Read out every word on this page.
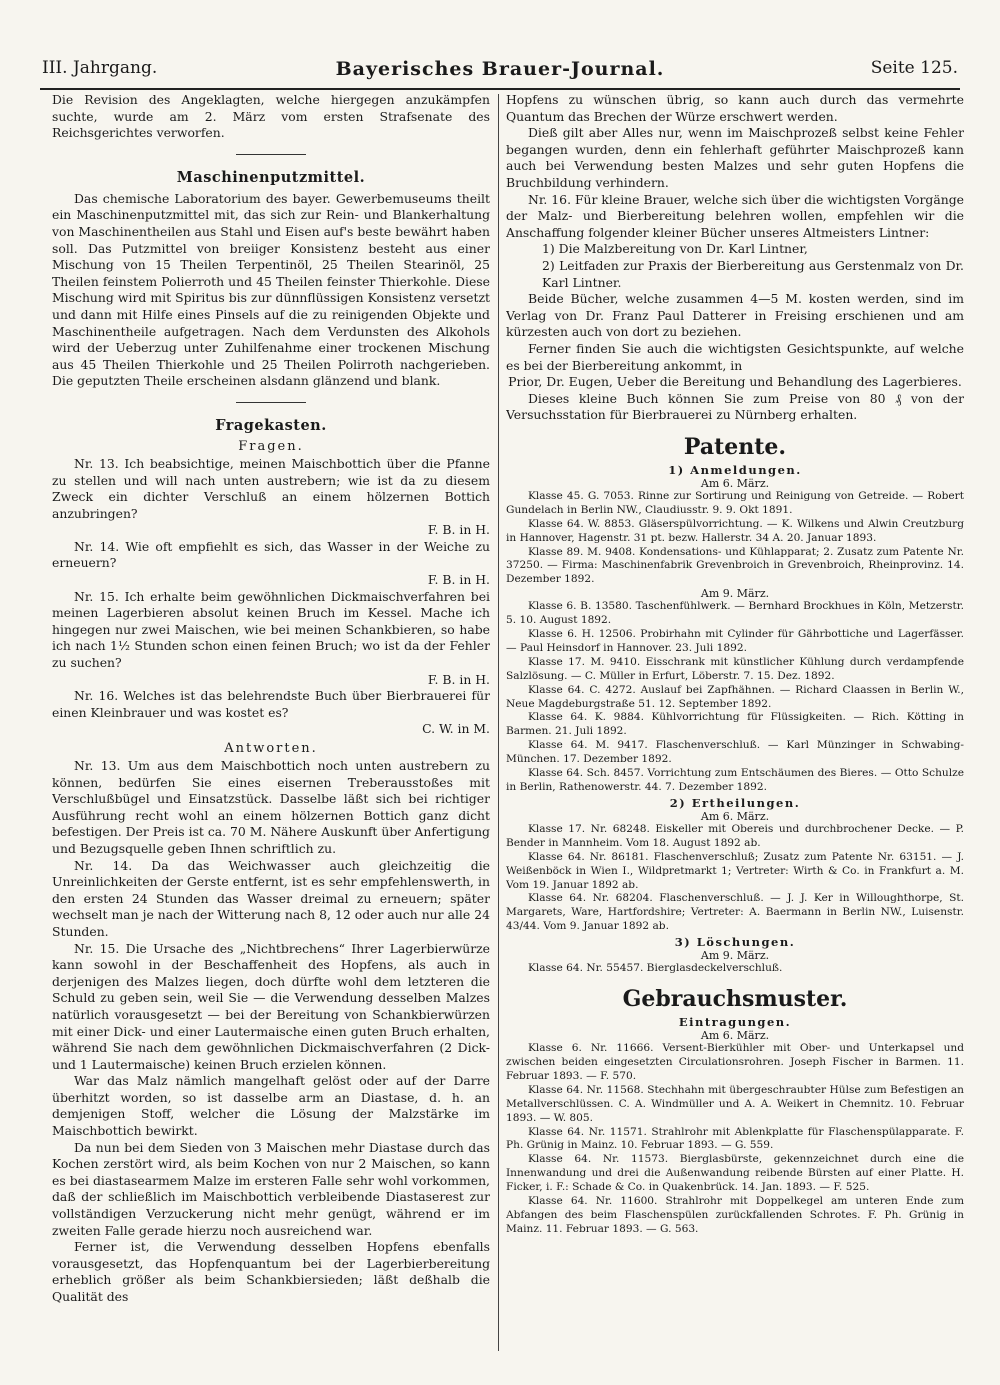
III. Jahrgang.	Bayerisches Brauer-Journal.	Seite 125.

Die Revision des Angeklagten, welche hiergegen anzukämpfen suchte, wurde am 2. März vom ersten Strafsenate des Reichsgerichtes verworfen.

Maschinenputzmittel.

Das chemische Laboratorium des bayer. Gewerbemuseums theilt ein Maschinenputzmittel mit, das sich zur Rein- und Blankerhaltung von Maschinentheilen aus Stahl und Eisen auf's beste bewährt haben soll. Das Putzmittel von breiiger Konsistenz besteht aus einer Mischung von 15 Theilen Terpentinöl, 25 Theilen Stearinöl, 25 Theilen feinstem Polierroth und 45 Theilen feinster Thierkohle. Diese Mischung wird mit Spiritus bis zur dünnflüssigen Konsistenz versetzt und dann mit Hilfe eines Pinsels auf die zu reinigenden Objekte und Maschinentheile aufgetragen. Nach dem Verdunsten des Alkohols wird der Ueberzug unter Zuhilfenahme einer trockenen Mischung aus 45 Theilen Thierkohle und 25 Theilen Polirroth nachgerieben. Die geputzten Theile erscheinen alsdann glänzend und blank.

Fragekasten.
Fragen.

Nr. 13. Ich beabsichtige, meinen Maischbottich über die Pfanne zu stellen und will nach unten austrebern; wie ist da zu diesem Zweck ein dichter Verschluß an einem hölzernen Bottich anzubringen?

F. B. in H.

Nr. 14. Wie oft empfiehlt es sich, das Wasser in der Weiche zu erneuern?

F. B. in H.

Nr. 15. Ich erhalte beim gewöhnlichen Dickmaischverfahren bei meinen Lagerbieren absolut keinen Bruch im Kessel. Mache ich hingegen nur zwei Maischen, wie bei meinen Schankbieren, so habe ich nach 1½ Stunden schon einen feinen Bruch; wo ist da der Fehler zu suchen?

F. B. in H.

Nr. 16. Welches ist das belehrendste Buch über Bierbrauerei für einen Kleinbrauer und was kostet es?

C. W. in M.

Antworten.

Nr. 13. Um aus dem Maischbottich noch unten austrebern zu können, bedürfen Sie eines eisernen Treberausstoßes mit Verschlußbügel und Einsatzstück. Dasselbe läßt sich bei richtiger Ausführung recht wohl an einem hölzernen Bottich ganz dicht befestigen. Der Preis ist ca. 70 M. Nähere Auskunft über Anfertigung und Bezugsquelle geben Ihnen schriftlich zu.

Nr. 14. Da das Weichwasser auch gleichzeitig die Unreinlichkeiten der Gerste entfernt, ist es sehr empfehlenswerth, in den ersten 24 Stunden das Wasser dreimal zu erneuern; später wechselt man je nach der Witterung nach 8, 12 oder auch nur alle 24 Stunden.

Nr. 15. Die Ursache des „Nichtbrechens“ Ihrer Lagerbierwürze kann sowohl in der Beschaffenheit des Hopfens, als auch in derjenigen des Malzes liegen, doch dürfte wohl dem letzteren die Schuld zu geben sein, weil Sie — die Verwendung desselben Malzes natürlich vorausgesetzt — bei der Bereitung von Schankbierwürzen mit einer Dick- und einer Lautermaische einen guten Bruch erhalten, während Sie nach dem gewöhnlichen Dickmaischverfahren (2 Dick- und 1 Lautermaische) keinen Bruch erzielen können.

War das Malz nämlich mangelhaft gelöst oder auf der Darre überhitzt worden, so ist dasselbe arm an Diastase, d. h. an demjenigen Stoff, welcher die Lösung der Malzstärke im Maischbottich bewirkt.

Da nun bei dem Sieden von 3 Maischen mehr Diastase durch das Kochen zerstört wird, als beim Kochen von nur 2 Maischen, so kann es bei diastasearmem Malze im ersteren Falle sehr wohl vorkommen, daß der schließlich im Maischbottich verbleibende Diastaserest zur vollständigen Verzuckerung nicht mehr genügt, während er im zweiten Falle gerade hierzu noch ausreichend war.

Ferner ist, die Verwendung desselben Hopfens ebenfalls vorausgesetzt, das Hopfenquantum bei der Lagerbierbereitung erheblich größer als beim Schankbiersieden; läßt deßhalb die Qualität des

Hopfens zu wünschen übrig, so kann auch durch das vermehrte Quantum das Brechen der Würze erschwert werden.

Dieß gilt aber Alles nur, wenn im Maischprozeß selbst keine Fehler begangen wurden, denn ein fehlerhaft geführter Maischprozeß kann auch bei Verwendung besten Malzes und sehr guten Hopfens die Bruchbildung verhindern.

Nr. 16. Für kleine Brauer, welche sich über die wichtigsten Vorgänge der Malz- und Bierbereitung belehren wollen, empfehlen wir die Anschaffung folgender kleiner Bücher unseres Altmeisters Lintner:

1) Die Malzbereitung von Dr. Karl Lintner,

2) Leitfaden zur Praxis der Bierbereitung aus Gerstenmalz von Dr. Karl Lintner.

Beide Bücher, welche zusammen 4—5 M. kosten werden, sind im Verlag von Dr. Franz Paul Datterer in Freising erschienen und am kürzesten auch von dort zu beziehen.

Ferner finden Sie auch die wichtigsten Gesichtspunkte, auf welche es bei der Bierbereitung ankommt, in

Prior, Dr. Eugen, Ueber die Bereitung und Behandlung des Lagerbieres.

Dieses kleine Buch können Sie zum Preise von 80 ₰ von der Versuchsstation für Bierbrauerei zu Nürnberg erhalten.

Patente.
1) Anmeldungen.
Am 6. März.

Klasse 45. G. 7053. Rinne zur Sortirung und Reinigung von Getreide. — Robert Gundelach in Berlin NW., Claudiusstr. 9. 9. Okt 1891.

Klasse 64. W. 8853. Gläserspülvorrichtung. — K. Wilkens und Alwin Creutzburg in Hannover, Hagenstr. 31 pt. bezw. Hallerstr. 34 A. 20. Januar 1893.

Klasse 89. M. 9408. Kondensations- und Kühlapparat; 2. Zusatz zum Patente Nr. 37250. — Firma: Maschinenfabrik Grevenbroich in Grevenbroich, Rheinprovinz. 14. Dezember 1892.

Am 9. März.

Klasse 6. B. 13580. Taschenfühlwerk. — Bernhard Brockhues in Köln, Metzerstr. 5. 10. August 1892.

Klasse 6. H. 12506. Probirhahn mit Cylinder für Gährbottiche und Lagerfässer. — Paul Heinsdorf in Hannover. 23. Juli 1892.

Klasse 17. M. 9410. Eisschrank mit künstlicher Kühlung durch verdampfende Salzlösung. — C. Müller in Erfurt, Löberstr. 7. 15. Dez. 1892.

Klasse 64. C. 4272. Auslauf bei Zapfhähnen. — Richard Claassen in Berlin W., Neue Magdeburgstraße 51. 12. September 1892.

Klasse 64. K. 9884. Kühlvorrichtung für Flüssigkeiten. — Rich. Kötting in Barmen. 21. Juli 1892.

Klasse 64. M. 9417. Flaschenverschluß. — Karl Münzinger in Schwabing-München. 17. Dezember 1892.

Klasse 64. Sch. 8457. Vorrichtung zum Entschäumen des Bieres. — Otto Schulze in Berlin, Rathenowerstr. 44. 7. Dezember 1892.

2) Ertheilungen.
Am 6. März.

Klasse 17. Nr. 68248. Eiskeller mit Obereis und durchbrochener Decke. — P. Bender in Mannheim. Vom 18. August 1892 ab.

Klasse 64. Nr. 86181. Flaschenverschluß; Zusatz zum Patente Nr. 63151. — J. Weißenböck in Wien I., Wildpretmarkt 1; Vertreter: Wirth & Co. in Frankfurt a. M. Vom 19. Januar 1892 ab.

Klasse 64. Nr. 68204. Flaschenverschluß. — J. J. Ker in Willoughthorpe, St. Margarets, Ware, Hartfordshire; Vertreter: A. Baermann in Berlin NW., Luisenstr. 43/44. Vom 9. Januar 1892 ab.

3) Löschungen.
Am 9. März.

Klasse 64. Nr. 55457. Bierglasdeckelverschluß.

Gebrauchsmuster.
Eintragungen.
Am 6. März.

Klasse 6. Nr. 11666. Versent-Bierkühler mit Ober- und Unterkapsel und zwischen beiden eingesetzten Circulationsrohren. Joseph Fischer in Barmen. 11. Februar 1893. — F. 570.

Klasse 64. Nr. 11568. Stechhahn mit übergeschraubter Hülse zum Befestigen an Metallverschlüssen. C. A. Windmüller und A. A. Weikert in Chemnitz. 10. Februar 1893. — W. 805.

Klasse 64. Nr. 11571. Strahlrohr mit Ablenkplatte für Flaschenspülapparate. F. Ph. Grünig in Mainz. 10. Februar 1893. — G. 559.

Klasse 64. Nr. 11573. Bierglasbürste, gekennzeichnet durch eine die Innenwandung und drei die Außenwandung reibende Bürsten auf einer Platte. H. Ficker, i. F.: Schade & Co. in Quakenbrück. 14. Jan. 1893. — F. 525.

Klasse 64. Nr. 11600. Strahlrohr mit Doppelkegel am unteren Ende zum Abfangen des beim Flaschenspülen zurückfallenden Schrotes. F. Ph. Grünig in Mainz. 11. Februar 1893. — G. 563.
